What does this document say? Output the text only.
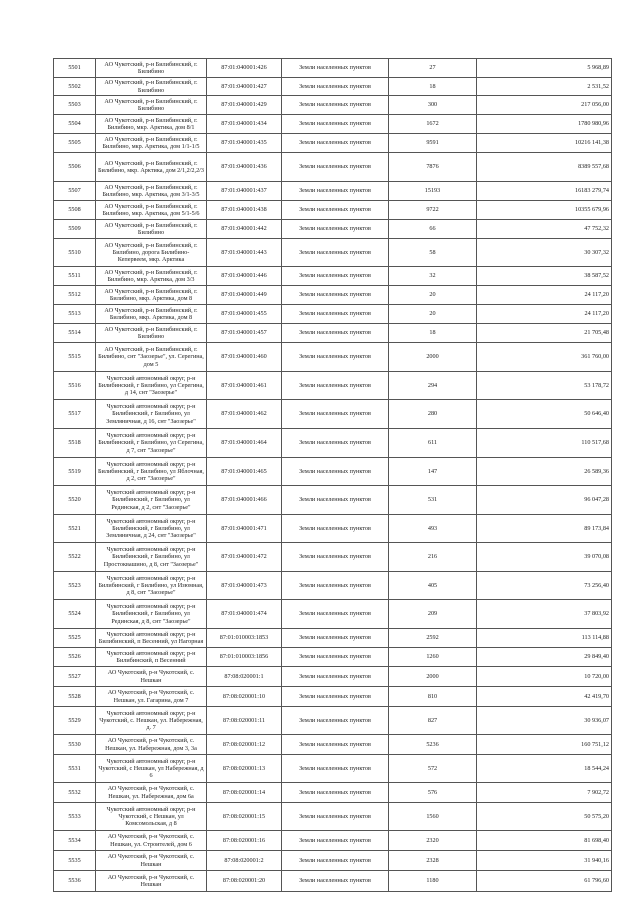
5501	АО Чукотский, р-н Билибинский, г. Билибино	87:01:040001:426	Земли населенных пунктов	27	5 968,89
5502	АО Чукотский, р-н Билибинский, г. Билибино	87:01:040001:427	Земли населенных пунктов	18	2 531,52
5503	АО Чукотский, р-н Билибинский, г. Билибино	87:01:040001:429	Земли населенных пунктов	300	217 056,00
5504	АО Чукотский, р-н Билибинский, г. Билибино, мкр. Арктика, дом 8/1	87:01:040001:434	Земли населенных пунктов	1672	1780 980,96
5505	АО Чукотский, р-н Билибинский, г. Билибино, мкр. Арктика, дом 1/1-1/5	87:01:040001:435	Земли населенных пунктов	9591	10216 141,38
5506	АО Чукотский, р-н Билибинский, г. Билибино, мкр. Арктика, дом 2/1,2/2,2/3	87:01:040001:436	Земли населенных пунктов	7876	8389 557,68
5507	АО Чукотский, р-н Билибинский, г. Билибино, мкр. Арктика, дом 3/1-3/5	87:01:040001:437	Земли населенных пунктов	15193	16183 279,74
5508	АО Чукотский, р-н Билибинский, г. Билибино, мкр. Арктика, дом 5/1-5/6	87:01:040001:438	Земли населенных пунктов	9722	10355 679,96
5509	АО Чукотский, р-н Билибинский, г. Билибино	87:01:040001:442	Земли населенных пунктов	66	47 752,32
5510	АО Чукотский, р-н Билибинский, г. Билибино, дорога Билибино-Кепервеем, мкр. Арктика	87:01:040001:443	Земли населенных пунктов	58	30 307,32
5511	АО Чукотский, р-н Билибинский, г. Билибино, мкр. Арктика, дом 3/3	87:01:040001:446	Земли населенных пунктов	32	38 587,52
5512	АО Чукотский, р-н Билибинский, г. Билибино, мкр. Арктика, дом 8	87:01:040001:449	Земли населенных пунктов	20	24 117,20
5513	АО Чукотский, р-н Билибинский, г. Билибино, мкр. Арктика, дом 8	87:01:040001:455	Земли населенных пунктов	20	24 117,20
5514	АО Чукотский, р-н Билибинский, г. Билибино	87:01:040001:457	Земли населенных пунктов	18	21 705,48
5515	АО Чукотский, р-н Билибинский, г. Билибино, снт "Заозерье", ул. Серегина, дом 5	87:01:040001:460	Земли населенных пунктов	2000	361 760,00
5516	Чукотский автономный округ, р-н Билибинский, г Билибино, ул Серегина, д 14, снт "Заозерье"	87:01:040001:461	Земли населенных пунктов	294	53 178,72
5517	Чукотский автономный округ, р-н Билибинский, г Билибино, ул Земляничная, д 16, снт "Заозерье"	87:01:040001:462	Земли населенных пунктов	280	50 646,40
5518	Чукотский автономный округ, р-н Билибинский, г Билибино, ул Серегина, д 7, снт "Заозерье"	87:01:040001:464	Земли населенных пунктов	611	110 517,68
5519	Чукотский автономный округ, р-н Билибинский, г Билибино, ул Яблочная, д 2, снт "Заозерье"	87:01:040001:465	Земли населенных пунктов	147	26 589,36
5520	Чукотский автономный округ, р-н Билибинский, г Билибино, ул Рединская, д 2, снт "Заозерье"	87:01:040001:466	Земли населенных пунктов	531	96 047,28
5521	Чукотский автономный округ, р-н Билибинский, г Билибино, ул Земляничная, д 24, снт "Заозерье"	87:01:040001:471	Земли населенных пунктов	493	89 173,84
5522	Чукотский автономный округ, р-н Билибинский, г Билибино, ул Простоквашино, д 8, снт "Заозерье"	87:01:040001:472	Земли населенных пунктов	216	39 070,08
5523	Чукотский автономный округ, р-н Билибинский, г Билибино, ул Изюмная, д 8, снт "Заозерье"	87:01:040001:473	Земли населенных пунктов	405	73 256,40
5524	Чукотский автономный округ, р-н Билибинский, г Билибино, ул Рединская, д 8, снт "Заозерье"	87:01:040001:474	Земли населенных пунктов	209	37 803,92
5525	Чукотский автономный округ, р-н Билибинский, п Весенний, ул Нагорная	87:01:010003:1853	Земли населенных пунктов	2592	113 114,88
5526	Чукотский автономный округ, р-н Билибинский, п Весенний	87:01:010003:1856	Земли населенных пунктов	1260	29 849,40
5527	АО Чукотский, р-н Чукотский, с. Нешкан	87:08:020001:1	Земли населенных пунктов	2000	10 720,00
5528	АО Чукотский, р-н Чукотский, с. Нешкан, ул. Гагарина, дом 7	87:08:020001:10	Земли населенных пунктов	810	42 419,70
5529	Чукотский автономный округ, р-н Чукотский, с. Нешкан, ул. Набережная, д. 7	87:08:020001:11	Земли населенных пунктов	827	30 936,07
5530	АО Чукотский, р-н Чукотский, с. Нешкан, ул. Набережная, дом 3, 3а	87:08:020001:12	Земли населенных пунктов	5236	160 751,12
5531	Чукотский автономный округ, р-н Чукотский, с Нешкан, ул Набережная, д 6	87:08:020001:13	Земли населенных пунктов	572	18 544,24
5532	АО Чукотский, р-н Чукотский, с. Нешкан, ул. Набережная, дом 6а	87:08:020001:14	Земли населенных пунктов	576	7 902,72
5533	Чукотский автономный округ, р-н Чукотский, с Нешкан, ул Комсомольская, д 8	87:08:020001:15	Земли населенных пунктов	1560	50 575,20
5534	АО Чукотский, р-н Чукотский, с. Нешкан, ул. Строителей, дом 6	87:08:020001:16	Земли населенных пунктов	2320	81 698,40
5535	АО Чукотский, р-н Чукотский, с. Нешкан	87:08:020001:2	Земли населенных пунктов	2328	31 940,16
5536	АО Чукотский, р-н Чукотский, с. Нешкан	87:08:020001:20	Земли населенных пунктов	1180	61 796,60
